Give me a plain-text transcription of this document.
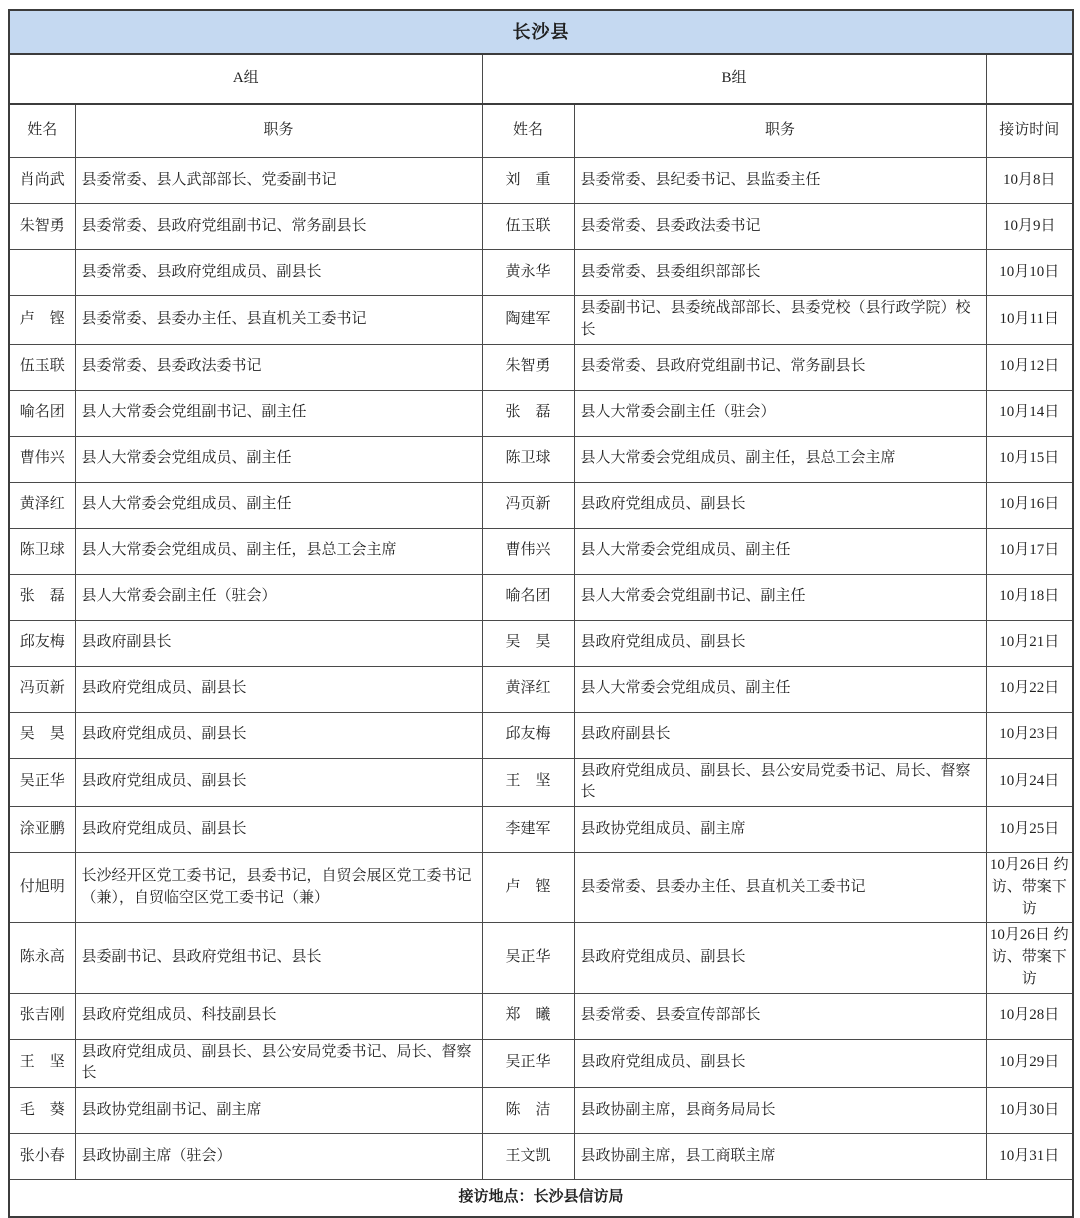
长沙县				
A组		B组		
姓名	职务	姓名	职务	接访时间
肖尚武	县委常委、县人武部部长、党委副书记	刘　重	县委常委、县纪委书记、县监委主任	10月8日
朱智勇	县委常委、县政府党组副书记、常务副县长	伍玉联	县委常委、县委政法委书记	10月9日
	县委常委、县政府党组成员、副县长	黄永华	县委常委、县委组织部部长	10月10日
卢　铿	县委常委、县委办主任、县直机关工委书记	陶建军	县委副书记、县委统战部部长、县委党校（县行政学院）校长	10月11日
伍玉联	县委常委、县委政法委书记	朱智勇	县委常委、县政府党组副书记、常务副县长	10月12日
喻名团	县人大常委会党组副书记、副主任	张　磊	县人大常委会副主任（驻会）	10月14日
曹伟兴	县人大常委会党组成员、副主任	陈卫球	县人大常委会党组成员、副主任，县总工会主席	10月15日
黄泽红	县人大常委会党组成员、副主任	冯页新	县政府党组成员、副县长	10月16日
陈卫球	县人大常委会党组成员、副主任，县总工会主席	曹伟兴	县人大常委会党组成员、副主任	10月17日
张　磊	县人大常委会副主任（驻会）	喻名团	县人大常委会党组副书记、副主任	10月18日
邱友梅	县政府副县长	吴　昊	县政府党组成员、副县长	10月21日
冯页新	县政府党组成员、副县长	黄泽红	县人大常委会党组成员、副主任	10月22日
吴　昊	县政府党组成员、副县长	邱友梅	县政府副县长	10月23日
吴正华	县政府党组成员、副县长	王　坚	县政府党组成员、副县长、县公安局党委书记、局长、督察长	10月24日
涂亚鹏	县政府党组成员、副县长	李建军	县政协党组成员、副主席	10月25日
付旭明	长沙经开区党工委书记，县委书记，自贸会展区党工委书记（兼），自贸临空区党工委书记（兼）	卢　铿	县委常委、县委办主任、县直机关工委书记	10月26日 约访、带案下访
陈永高	县委副书记、县政府党组书记、县长	吴正华	县政府党组成员、副县长	10月26日 约访、带案下访
张吉刚	县政府党组成员、科技副县长	郑　曦	县委常委、县委宣传部部长	10月28日
王　坚	县政府党组成员、副县长、县公安局党委书记、局长、督察长	吴正华	县政府党组成员、副县长	10月29日
毛　葵	县政协党组副书记、副主席	陈　洁	县政协副主席，县商务局局长	10月30日
张小春	县政协副主席（驻会）	王文凯	县政协副主席，县工商联主席	10月31日
接访地点：长沙县信访局				
